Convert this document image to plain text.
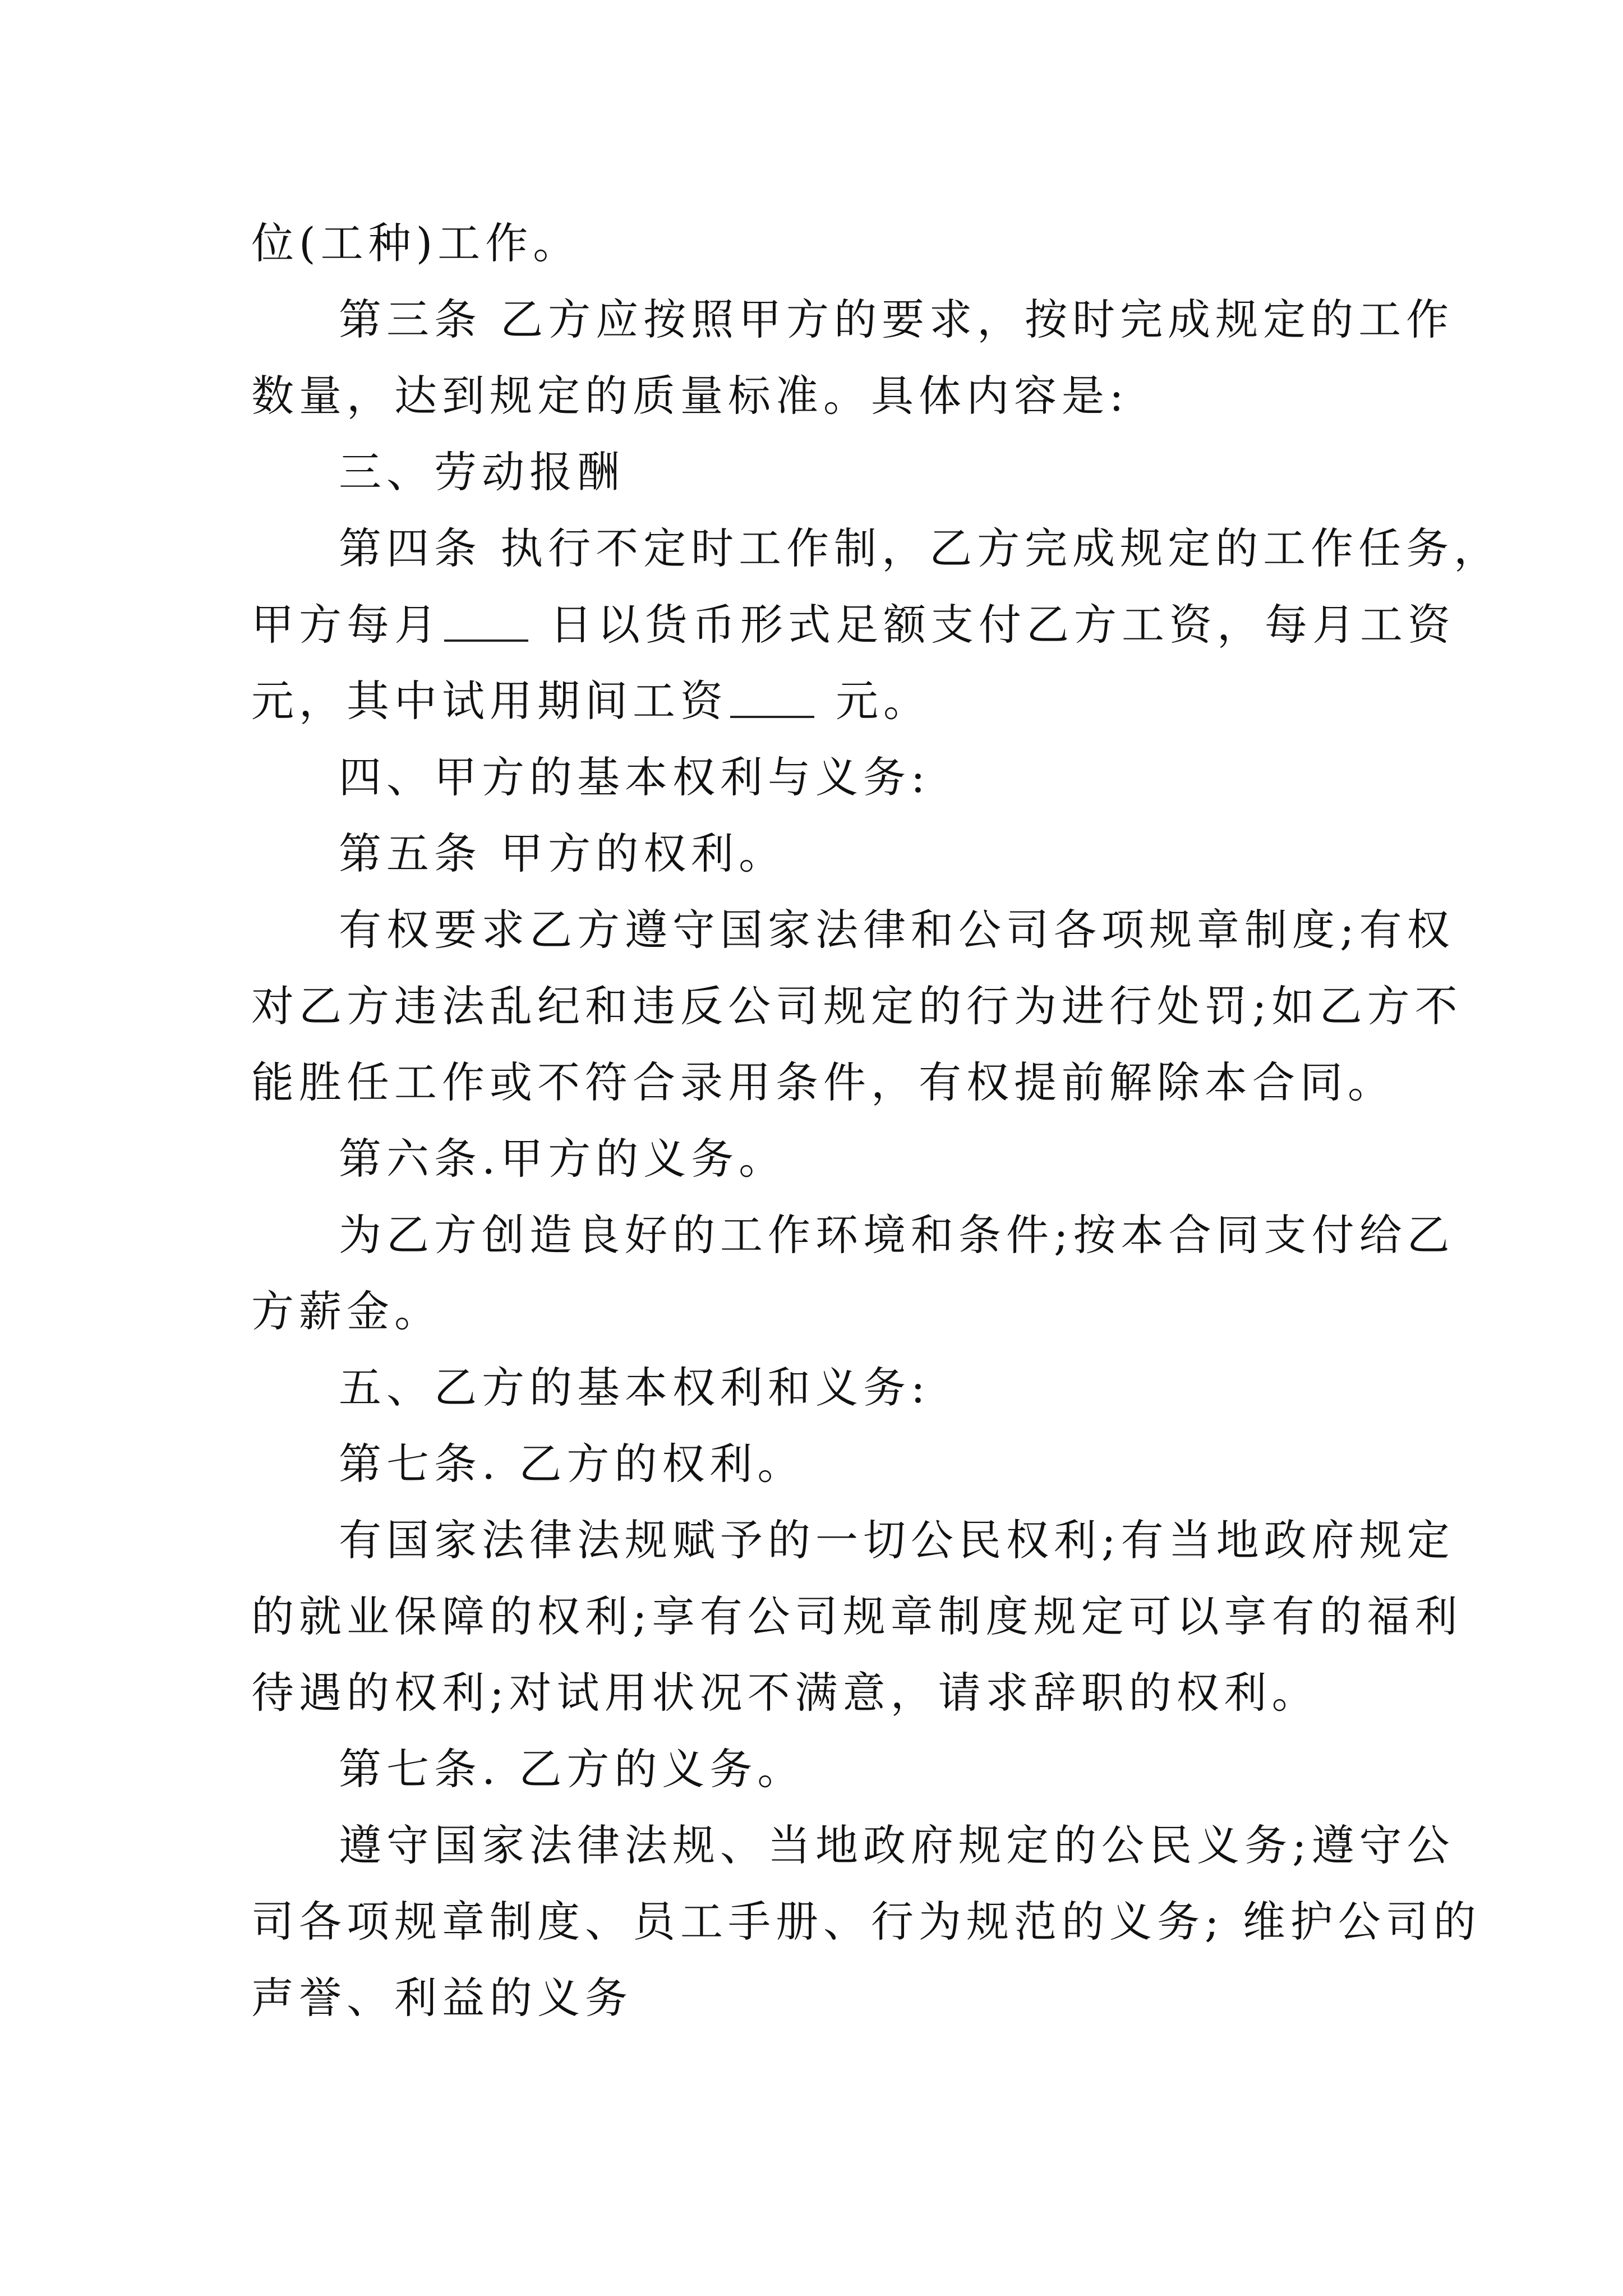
位(工种)工作。
第三条 乙方应按照甲方的要求，按时完成规定的工作
数量，达到规定的质量标准。具体内容是:
三、劳动报酬
第四条 执行不定时工作制，乙方完成规定的工作任务，
甲方每月	日以货币形式足额支付乙方工资，每月工资
元，其中试用期间工资	元。
四、甲方的基本权利与义务:
第五条 甲方的权利。
有权要求乙方遵守国家法律和公司各项规章制度;有权
对乙方违法乱纪和违反公司规定的行为进行处罚;如乙方不
能胜任工作或不符合录用条件，有权提前解除本合同。
第六条.甲方的义务。
为乙方创造良好的工作环境和条件;按本合同支付给乙
方薪金。
五、乙方的基本权利和义务:
第七条. 乙方的权利。
有国家法律法规赋予的一切公民权利;有当地政府规定
的就业保障的权利;享有公司规章制度规定可以享有的福利
待遇的权利;对试用状况不满意，请求辞职的权利。
第七条. 乙方的义务。
遵守国家法律法规、当地政府规定的公民义务;遵守公
司各项规章制度、员工手册、行为规范的义务; 维护公司的
声誉、利益的义务
